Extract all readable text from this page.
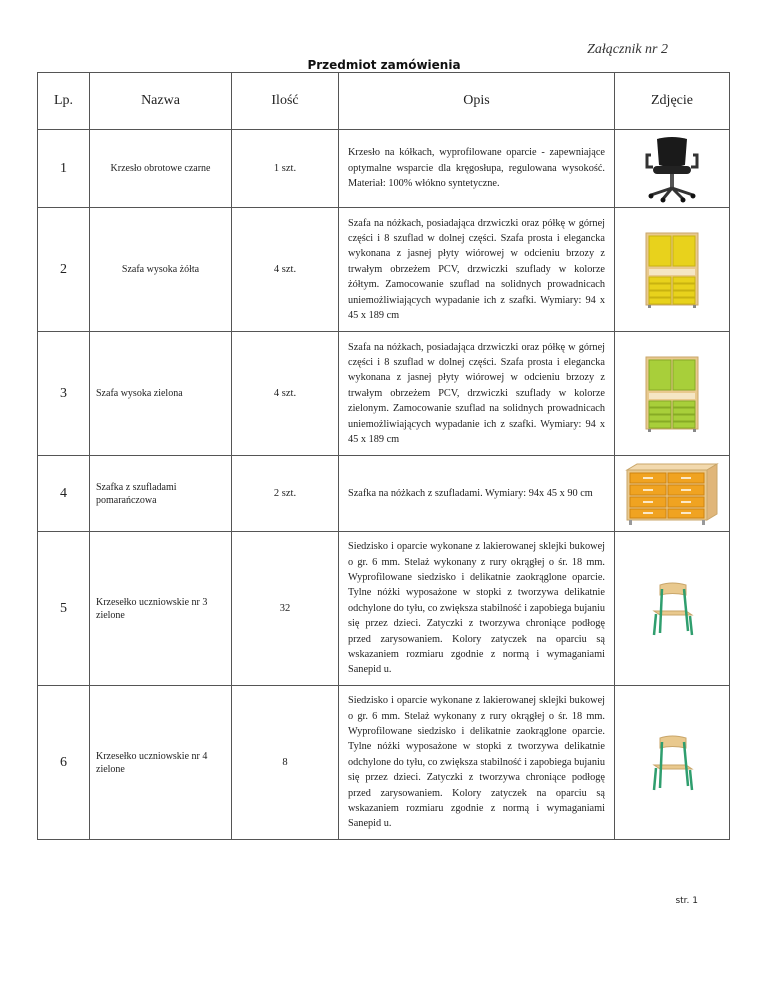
Załącznik nr 2
Przedmiot zamówienia
Lp.	Nazwa	Ilość	Opis	Zdjęcie
1	Krzesło obrotowe czarne	1 szt.	Krzesło na kółkach, wyprofilowane oparcie - zapewniające optymalne wsparcie dla kręgosłupa, regulowana wysokość. Materiał: 100% włókno syntetyczne.	

2	Szafa wysoka żółta	4 szt.	Szafa na nóżkach, posiadająca drzwiczki oraz półkę w górnej części i 8 szuflad w dolnej części. Szafa prosta i elegancka wykonana z jasnej płyty wiórowej w odcieniu brzozy z trwałym obrzeżem PCV, drzwiczki szuflady w kolorze żółtym. Zamocowanie szuflad na solidnych prowadnicach uniemożliwiających wypadanie ich z szafki. Wymiary: 94 x 45 x 189 cm	

3	Szafa wysoka zielona	4 szt.	Szafa na nóżkach, posiadająca drzwiczki oraz półkę w górnej części i 8 szuflad w dolnej części. Szafa prosta i elegancka wykonana z jasnej płyty wiórowej w odcieniu brzozy z trwałym obrzeżem PCV, drzwiczki szuflady w kolorze zielonym. Zamocowanie szuflad na solidnych prowadnicach uniemożliwiających wypadanie ich z szafki. Wymiary: 94 x 45 x 189 cm	

4	Szafka z szufladami pomarańczowa	2 szt.	Szafka na nóżkach z szufladami. Wymiary: 94x 45 x 90 cm	

5	Krzesełko uczniowskie nr 3 zielone	32	Siedzisko i oparcie wykonane z lakierowanej sklejki bukowej o gr. 6 mm. Stelaż wykonany z rury okrągłej o śr. 18 mm. Wyprofilowane siedzisko i delikatnie zaokrąglone oparcie. Tylne nóżki wyposażone w stopki z tworzywa delikatnie odchylone do tyłu, co zwiększa stabilność i zapobiega bujaniu się przez dzieci. Zatyczki z tworzywa chroniące podłogę przed zarysowaniem. Kolory zatyczek na oparciu są wskazaniem rozmiaru zgodnie z normą i wymaganiami Sanepid u.	

6	Krzesełko uczniowskie nr 4 zielone	8	Siedzisko i oparcie wykonane z lakierowanej sklejki bukowej o gr. 6 mm. Stelaż wykonany z rury okrągłej o śr. 18 mm. Wyprofilowane siedzisko i delikatnie zaokrąglone oparcie. Tylne nóżki wyposażone w stopki z tworzywa delikatnie odchylone do tyłu, co zwiększa stabilność i zapobiega bujaniu się przez dzieci. Zatyczki z tworzywa chroniące podłogę przed zarysowaniem. Kolory zatyczek na oparciu są wskazaniem rozmiaru zgodnie z normą i wymaganiami Sanepid u.	
str. 1
